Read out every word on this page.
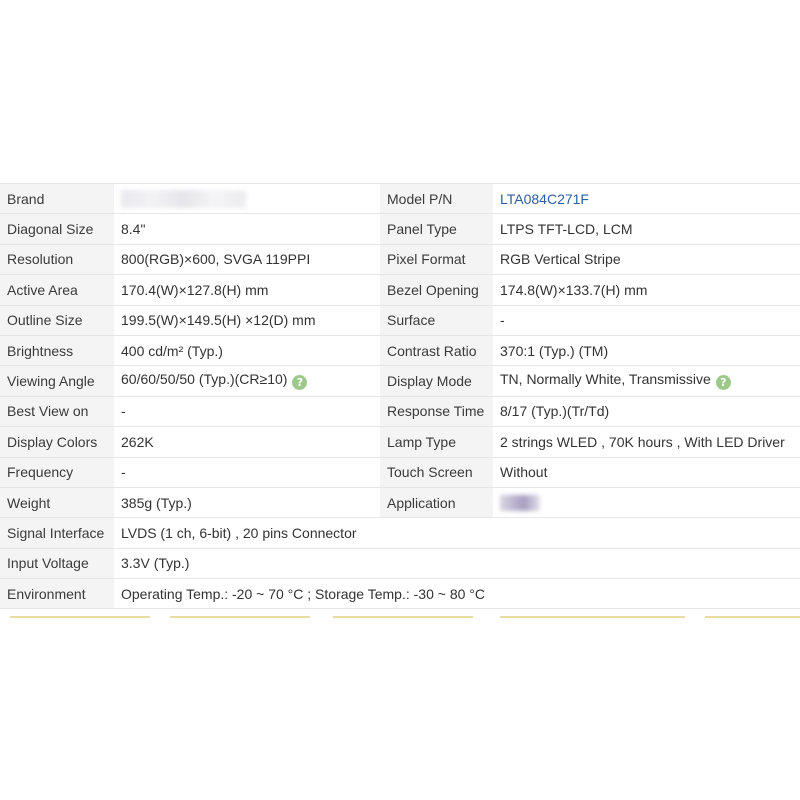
Brand		Model P/N	LTA084C271F
Diagonal Size	8.4"	Panel Type	LTPS TFT-LCD, LCM
Resolution	800(RGB)×600, SVGA 119PPI	Pixel Format	RGB Vertical Stripe
Active Area	170.4(W)×127.8(H) mm	Bezel Opening	174.8(W)×133.7(H) mm
Outline Size	199.5(W)×149.5(H) ×12(D) mm	Surface	-
Brightness	400 cd/m² (Typ.)	Contrast Ratio	370:1 (Typ.) (TM)
Viewing Angle	60/60/50/50 (Typ.)(CR≥10) ?	Display Mode	TN, Normally White, Transmissive ?
Best View on	-	Response Time	8/17 (Typ.)(Tr/Td)
Display Colors	262K	Lamp Type	2 strings WLED , 70K hours , With LED Driver
Frequency	-	Touch Screen	Without
Weight	385g (Typ.)	Application	
Signal Interface	LVDS (1 ch, 6-bit) , 20 pins Connector		
Input Voltage	3.3V (Typ.)		
Environment	Operating Temp.: -20 ~ 70 °C ; Storage Temp.: -30 ~ 80 °C		
